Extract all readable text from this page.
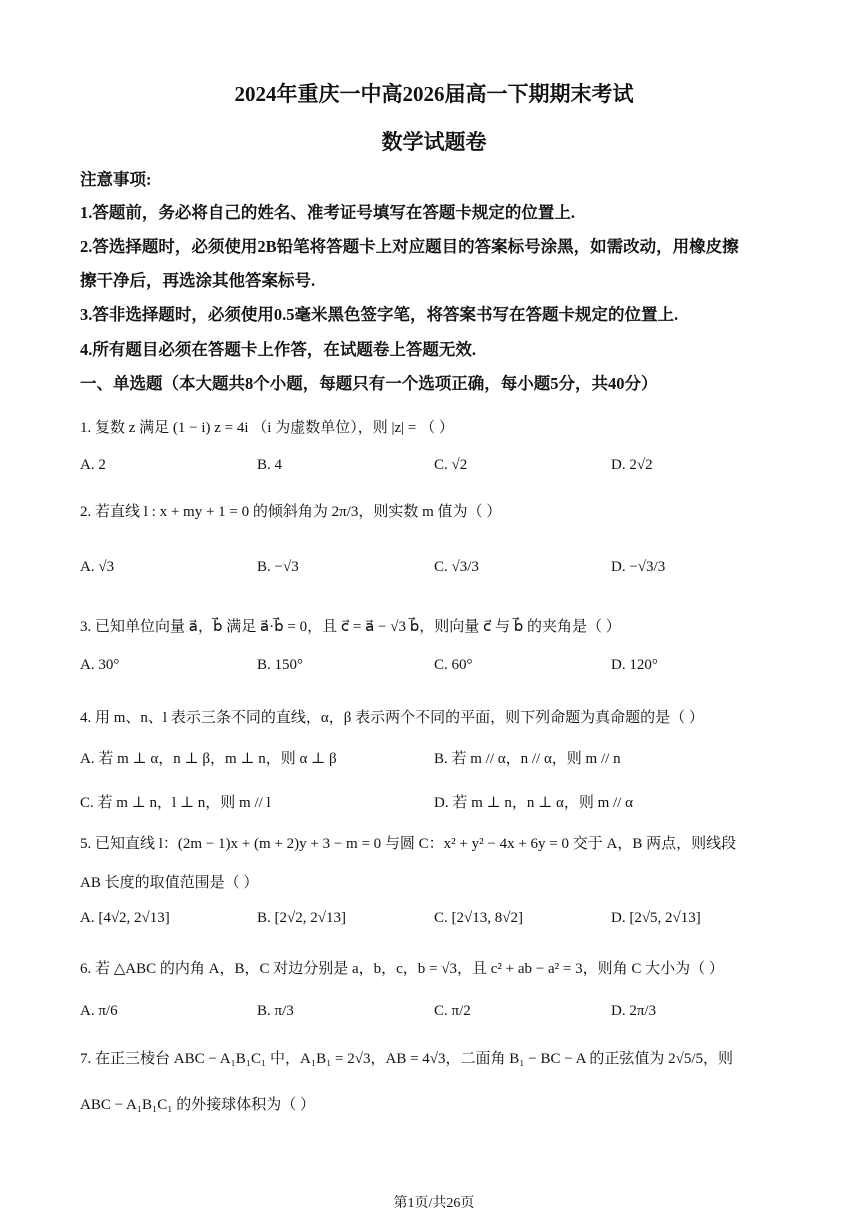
2024年重庆一中高2026届高一下期期末考试
数学试题卷
注意事项:
1.答题前，务必将自己的姓名、准考证号填写在答题卡规定的位置上.
2.答选择题时，必须使用2B铅笔将答题卡上对应题目的答案标号涂黑，如需改动，用橡皮擦
擦干净后，再选涂其他答案标号.
3.答非选择题时，必须使用0.5毫米黑色签字笔，将答案书写在答题卡规定的位置上.
4.所有题目必须在答题卡上作答，在试题卷上答题无效.
一、单选题（本大题共8个小题，每题只有一个选项正确，每小题5分，共40分）
1. 复数 z 满足 (1 − i) z = 4i （i 为虚数单位），则 |z| = （ ）
A. 2	B. 4	C. √2	D. 2√2
2. 若直线 l : x + my + 1 = 0 的倾斜角为 2π/3，则实数 m 值为（ ）
A. √3	B. −√3	C. √3/3	D. −√3/3
3. 已知单位向量 a⃗，b⃗ 满足 a⃗·b⃗ = 0，且 c⃗ = a⃗ − √3 b⃗，则向量 c⃗ 与 b⃗ 的夹角是（ ）
A. 30°	B. 150°	C. 60°	D. 120°
4. 用 m、n、l 表示三条不同的直线，α，β 表示两个不同的平面，则下列命题为真命题的是（ ）
A. 若 m ⊥ α，n ⊥ β，m ⊥ n，则 α ⊥ β	B. 若 m // α，n // α，则 m // n
C. 若 m ⊥ n，l ⊥ n，则 m // l	D. 若 m ⊥ n，n ⊥ α，则 m // α
5. 已知直线 l：(2m − 1)x + (m + 2)y + 3 − m = 0 与圆 C：x² + y² − 4x + 6y = 0 交于 A，B 两点，则线段
AB 长度的取值范围是（ ）
A. [4√2, 2√13]	B. [2√2, 2√13]	C. [2√13, 8√2]	D. [2√5, 2√13]
6. 若 △ABC 的内角 A，B，C 对边分别是 a，b，c，b = √3，且 c² + ab − a² = 3，则角 C 大小为（ ）
A. π/6	B. π/3	C. π/2	D. 2π/3
7. 在正三棱台 ABC − A₁B₁C₁ 中，A₁B₁ = 2√3，AB = 4√3，二面角 B₁ − BC − A 的正弦值为 2√5/5，则
ABC − A₁B₁C₁ 的外接球体积为（ ）
第1页/共26页
